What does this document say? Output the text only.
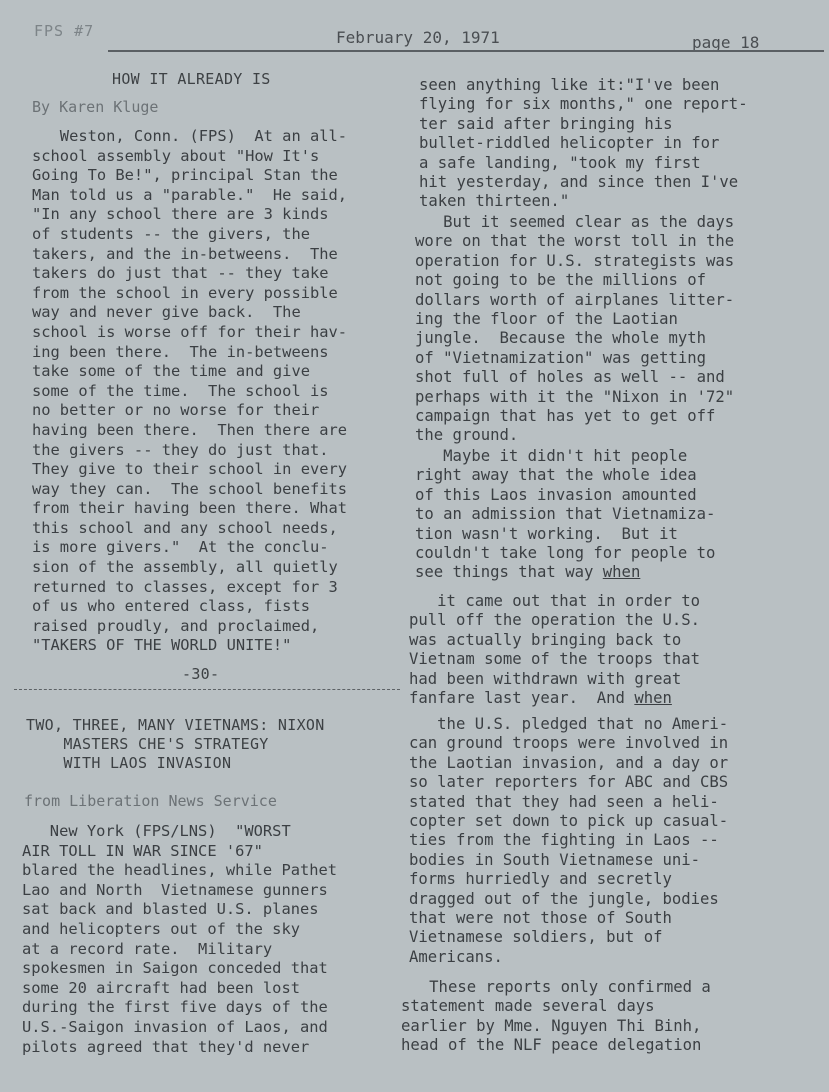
FPS #7	February 20, 1971	page 18
HOW IT ALREADY IS
By Karen Kluge
Weston, Conn. (FPS)  At an all-
school assembly about "How It's
Going To Be!", principal Stan the
Man told us a "parable."  He said,
"In any school there are 3 kinds
of students -- the givers, the
takers, and the in-betweens.  The
takers do just that -- they take
from the school in every possible
way and never give back.  The
school is worse off for their hav-
ing been there.  The in-betweens
take some of the time and give
some of the time.  The school is
no better or no worse for their
having been there.  Then there are
the givers -- they do just that.
They give to their school in every
way they can.  The school benefits
from their having been there. What
this school and any school needs,
is more givers."  At the conclu-
sion of the assembly, all quietly
returned to classes, except for 3
of us who entered class, fists
raised proudly, and proclaimed,
"TAKERS OF THE WORLD UNITE!"
-30-
TWO, THREE, MANY VIETNAMS: NIXON
MASTERS CHE'S STRATEGY
WITH LAOS INVASION
from Liberation News Service
New York (FPS/LNS)  "WORST
AIR TOLL IN WAR SINCE '67"
blared the headlines, while Pathet
Lao and North  Vietnamese gunners
sat back and blasted U.S. planes
and helicopters out of the sky
at a record rate.  Military
spokesmen in Saigon conceded that
some 20 aircraft had been lost
during the first five days of the
U.S.-Saigon invasion of Laos, and
pilots agreed that they'd never
seen anything like it:"I've been
flying for six months," one report-
ter said after bringing his
bullet-riddled helicopter in for
a safe landing, "took my first
hit yesterday, and since then I've
taken thirteen."
But it seemed clear as the days
wore on that the worst toll in the
operation for U.S. strategists was
not going to be the millions of
dollars worth of airplanes litter-
ing the floor of the Laotian
jungle.  Because the whole myth
of "Vietnamization" was getting
shot full of holes as well -- and
perhaps with it the "Nixon in '72"
campaign that has yet to get off
the ground.
Maybe it didn't hit people
right away that the whole idea
of this Laos invasion amounted
to an admission that Vietnamiza-
tion wasn't working.  But it
couldn't take long for people to
see things that way when
it came out that in order to
pull off the operation the U.S.
was actually bringing back to
Vietnam some of the troops that
had been withdrawn with great
fanfare last year.  And when
the U.S. pledged that no Ameri-
can ground troops were involved in
the Laotian invasion, and a day or
so later reporters for ABC and CBS
stated that they had seen a heli-
copter set down to pick up casual-
ties from the fighting in Laos --
bodies in South Vietnamese uni-
forms hurriedly and secretly
dragged out of the jungle, bodies
that were not those of South
Vietnamese soldiers, but of
Americans.
These reports only confirmed a
statement made several days
earlier by Mme. Nguyen Thi Binh,
head of the NLF peace delegation
